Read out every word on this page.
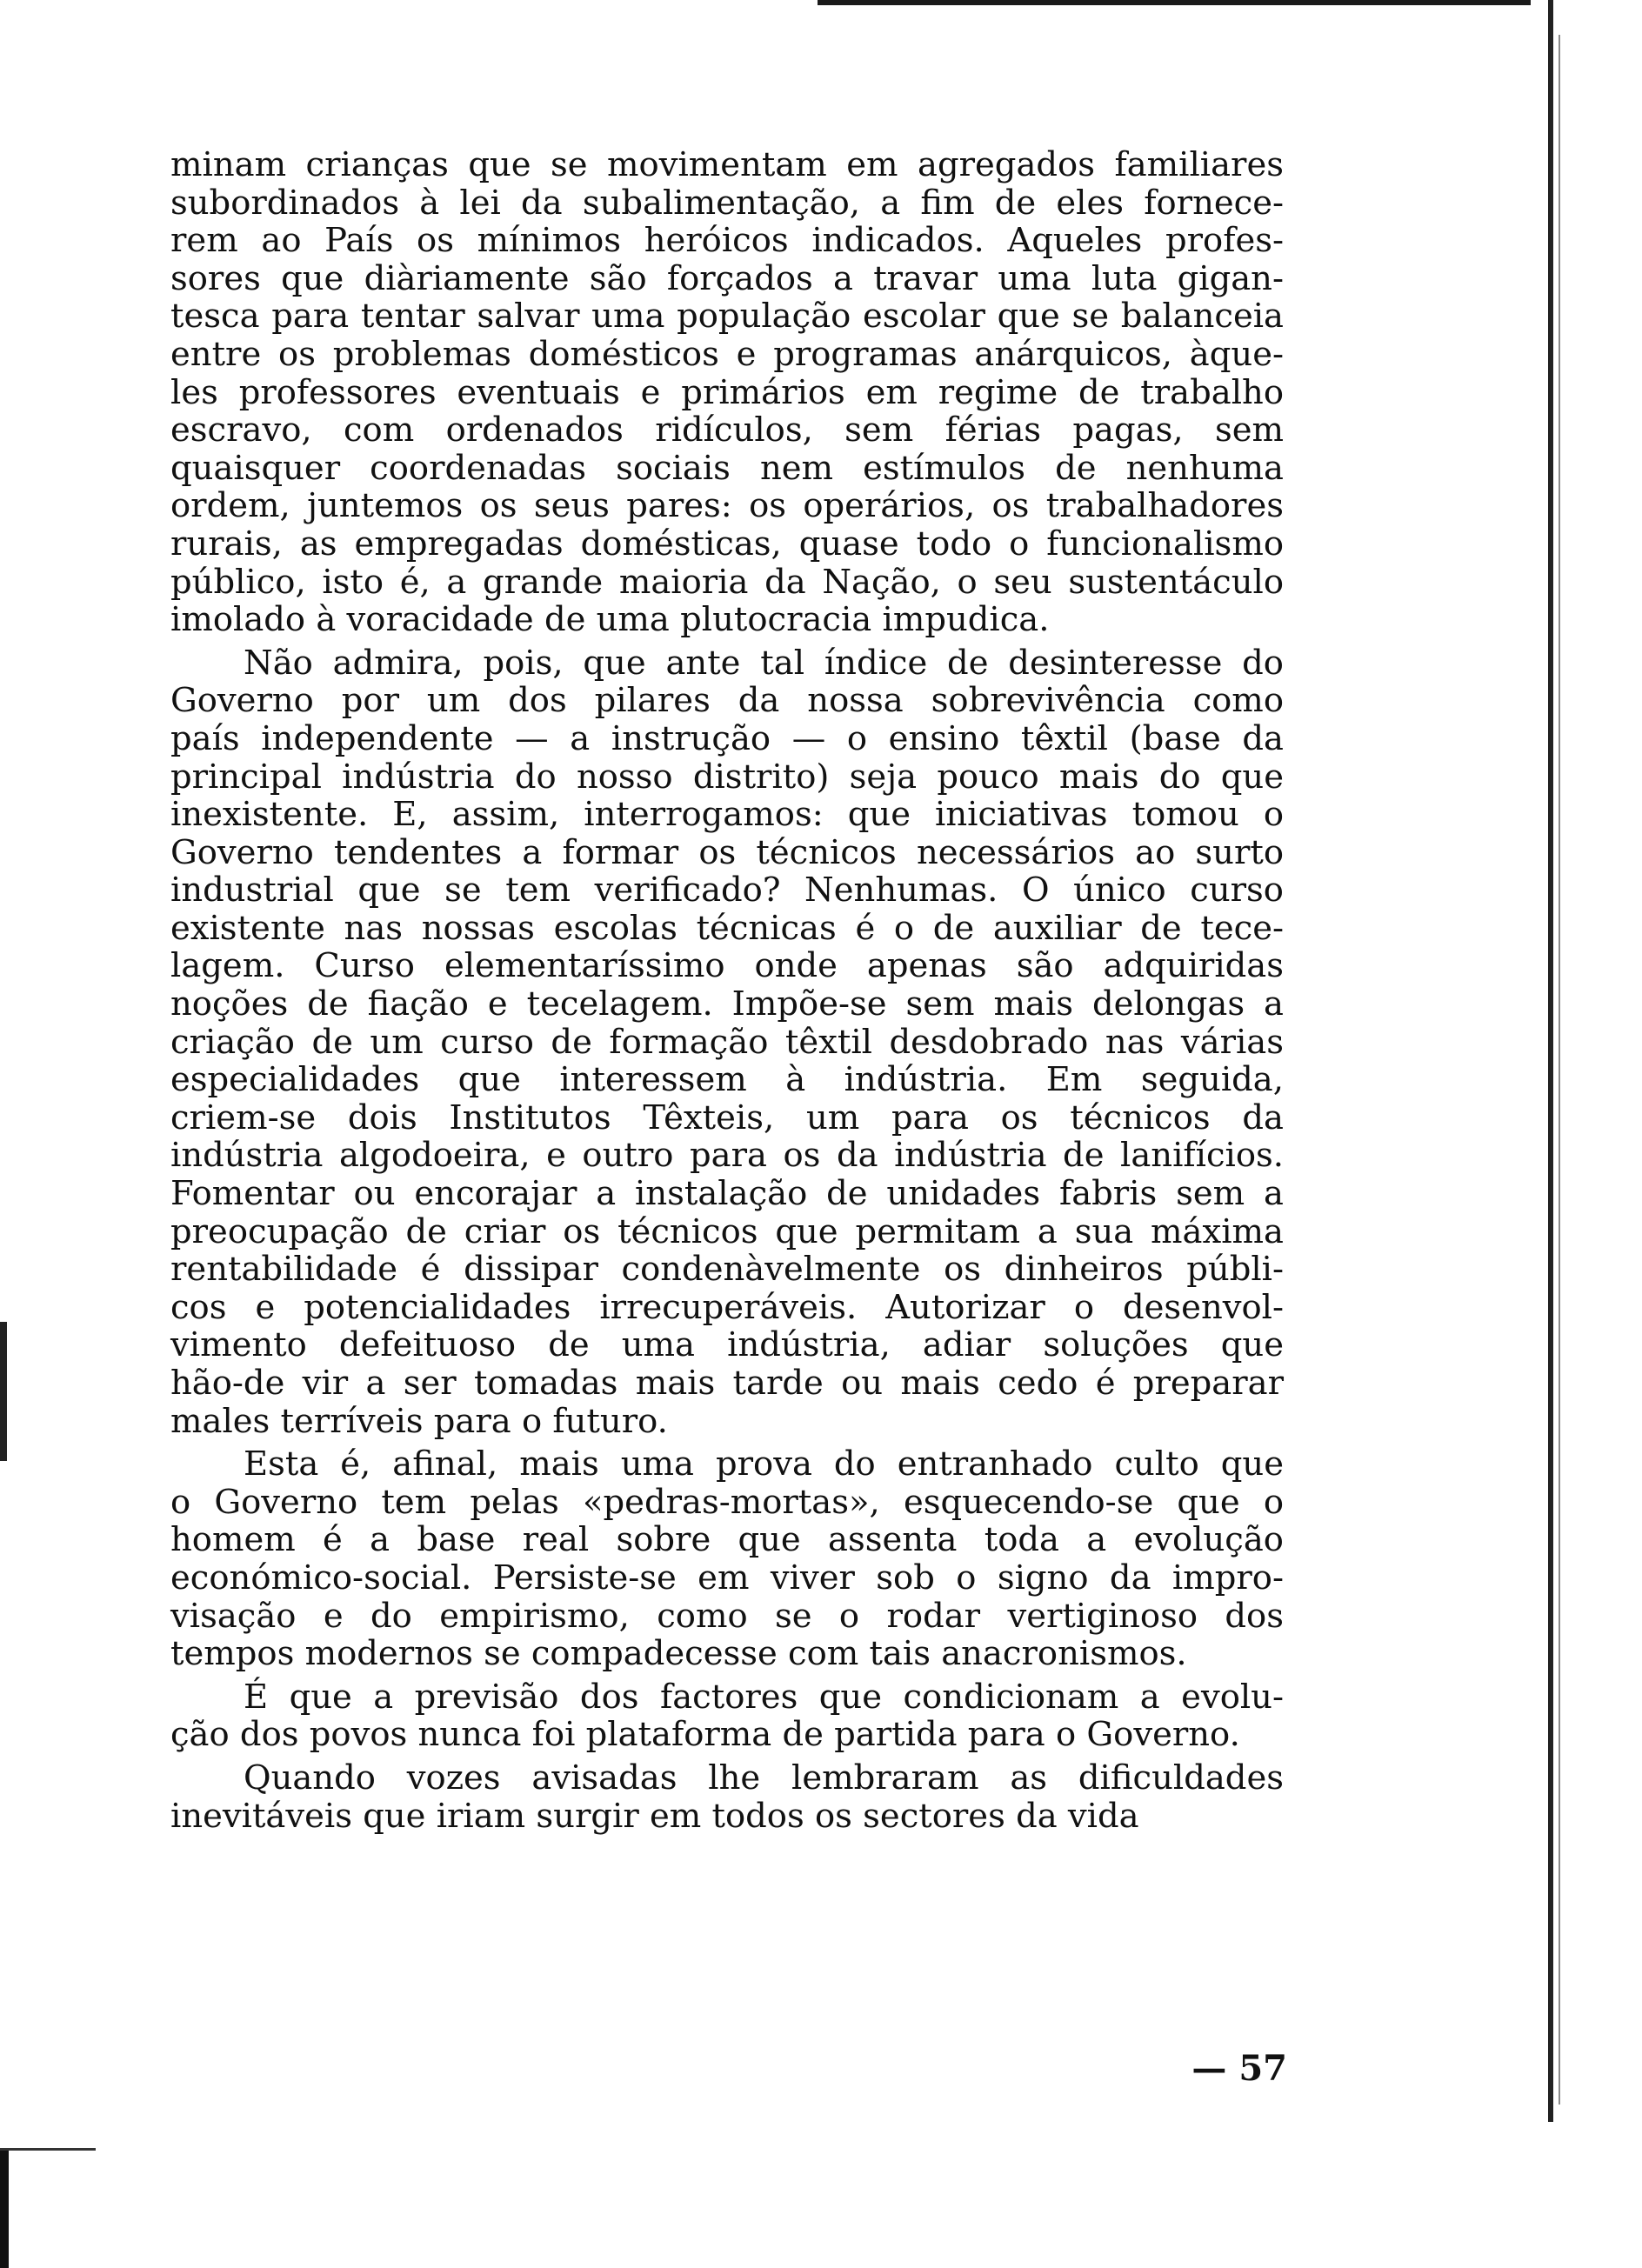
minam crianças que se movimentam em agregados familiares
subordinados à lei da subalimentação, a fim de eles fornece-
rem ao País os mínimos heróicos indicados. Aqueles profes-
sores que diàriamente são forçados a travar uma luta gigan-
tesca para tentar salvar uma população escolar que se balanceia
entre os problemas domésticos e programas anárquicos, àque-
les professores eventuais e primários em regime de trabalho
escravo, com ordenados ridículos, sem férias pagas, sem
quaisquer coordenadas sociais nem estímulos de nenhuma
ordem, juntemos os seus pares: os operários, os trabalhadores
rurais, as empregadas domésticas, quase todo o funcionalismo
público, isto é, a grande maioria da Nação, o seu sustentáculo
imolado à voracidade de uma plutocracia impudica.

Não admira, pois, que ante tal índice de desinteresse do
Governo por um dos pilares da nossa sobrevivência como
país independente — a instrução — o ensino têxtil (base da
principal indústria do nosso distrito) seja pouco mais do que
inexistente. E, assim, interrogamos: que iniciativas tomou o
Governo tendentes a formar os técnicos necessários ao surto
industrial que se tem verificado? Nenhumas. O único curso
existente nas nossas escolas técnicas é o de auxiliar de tece-
lagem. Curso elementaríssimo onde apenas são adquiridas
noções de fiação e tecelagem. Impõe-se sem mais delongas a
criação de um curso de formação têxtil desdobrado nas várias
especialidades que interessem à indústria. Em seguida,
criem-se dois Institutos Têxteis, um para os técnicos da
indústria algodoeira, e outro para os da indústria de lanifícios.
Fomentar ou encorajar a instalação de unidades fabris sem a
preocupação de criar os técnicos que permitam a sua máxima
rentabilidade é dissipar condenàvelmente os dinheiros públi-
cos e potencialidades irrecuperáveis. Autorizar o desenvol-
vimento defeituoso de uma indústria, adiar soluções que
hão-de vir a ser tomadas mais tarde ou mais cedo é preparar
males terríveis para o futuro.

Esta é, afinal, mais uma prova do entranhado culto que
o Governo tem pelas «pedras-mortas», esquecendo-se que o
homem é a base real sobre que assenta toda a evolução
económico-social. Persiste-se em viver sob o signo da impro-
visação e do empirismo, como se o rodar vertiginoso dos
tempos modernos se compadecesse com tais anacronismos.

É que a previsão dos factores que condicionam a evolu-
ção dos povos nunca foi plataforma de partida para o Governo.

Quando vozes avisadas lhe lembraram as dificuldades
inevitáveis que iriam surgir em todos os sectores da vida

— 57
